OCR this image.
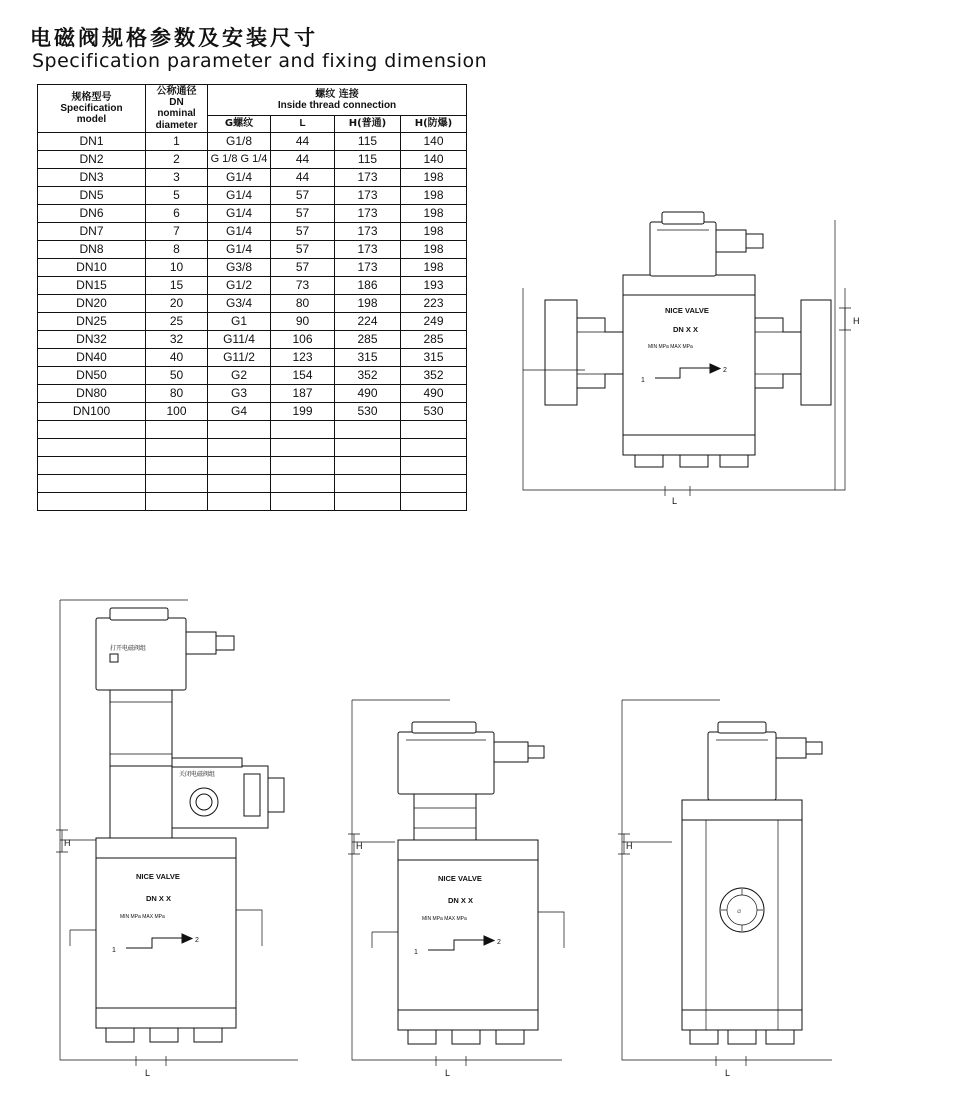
电磁阀规格参数及安装尺寸
Specification parameter and fixing dimension
规格型号
Specification
model

公称通径
DN
nominal
diameter

螺纹 连接
Inside thread connection

		G螺纹	L	H(普通)	H(防爆)
DN1	1	G1/8	44	115	140
DN2	2	G 1/8 G 1/4	44	115	140
DN3	3	G1/4	44	173	198
DN5	5	G1/4	57	173	198
DN6	6	G1/4	57	173	198
DN7	7	G1/4	57	173	198
DN8	8	G1/4	57	173	198
DN10	10	G3/8	57	173	198
DN15	15	G1/2	73	186	193
DN20	20	G3/4	80	198	223
DN25	25	G1	90	224	249
DN32	32	G11/4	106	285	285
DN40	40	G11/2	123	315	315
DN50	50	G2	154	352	352
DN80	80	G3	187	490	490
DN100	100	G4	199	530	530

NICE VALVE
DN X X
MIN MPa MAX MPa
1
2
H
L
打开电磁阀组
关闭电磁阀组
NICE VALVE
DN X X
MIN MPa MAX MPa
1
2
H
L
NICE VALVE
DN X X
MIN MPa MAX MPa
1
2
H
L
∅
H
L
